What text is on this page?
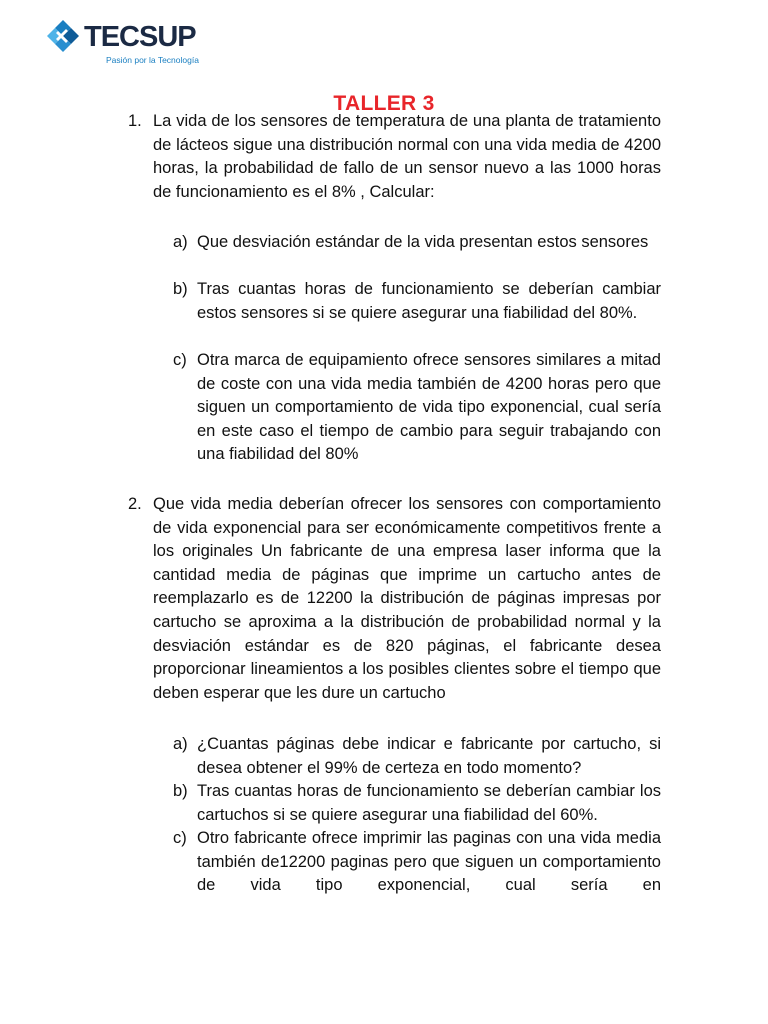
TECSUP
Pasión por la Tecnología
TALLER 3
1. La vida de los sensores de temperatura de una planta de tratamiento de lácteos sigue una distribución normal con una vida media de 4200 horas, la probabilidad de fallo de un sensor nuevo a las 1000 horas de funcionamiento es el 8% , Calcular:

a) Que desviación estándar de la vida presentan estos sensores

b) Tras cuantas horas de funcionamiento se deberían cambiar estos sensores si se quiere asegurar una fiabilidad del 80%.

c) Otra marca de equipamiento ofrece sensores similares a mitad de coste con una vida media también de 4200 horas pero que siguen un comportamiento de vida tipo exponencial, cual sería en este caso el tiempo de cambio para seguir trabajando con una fiabilidad del 80%

2. Que vida media deberían ofrecer los sensores con comportamiento de vida exponencial para ser económicamente competitivos frente a los originales Un fabricante de una empresa laser informa que la cantidad media de páginas que imprime un cartucho antes de reemplazarlo es de 12200 la distribución de páginas impresas por cartucho se aproxima a la distribución de probabilidad normal y la desviación estándar es de 820 páginas, el fabricante desea proporcionar lineamientos a los posibles clientes sobre el tiempo que deben esperar que les dure un cartucho

a) ¿Cuantas páginas debe indicar e fabricante por cartucho, si desea obtener el 99% de certeza en todo momento?

b) Tras cuantas horas de funcionamiento se deberían cambiar los cartuchos si se quiere asegurar una fiabilidad del 60%.

c) Otro fabricante ofrece imprimir las paginas con una vida media también de12200 paginas pero que siguen un comportamiento de vida tipo exponencial, cual sería en
